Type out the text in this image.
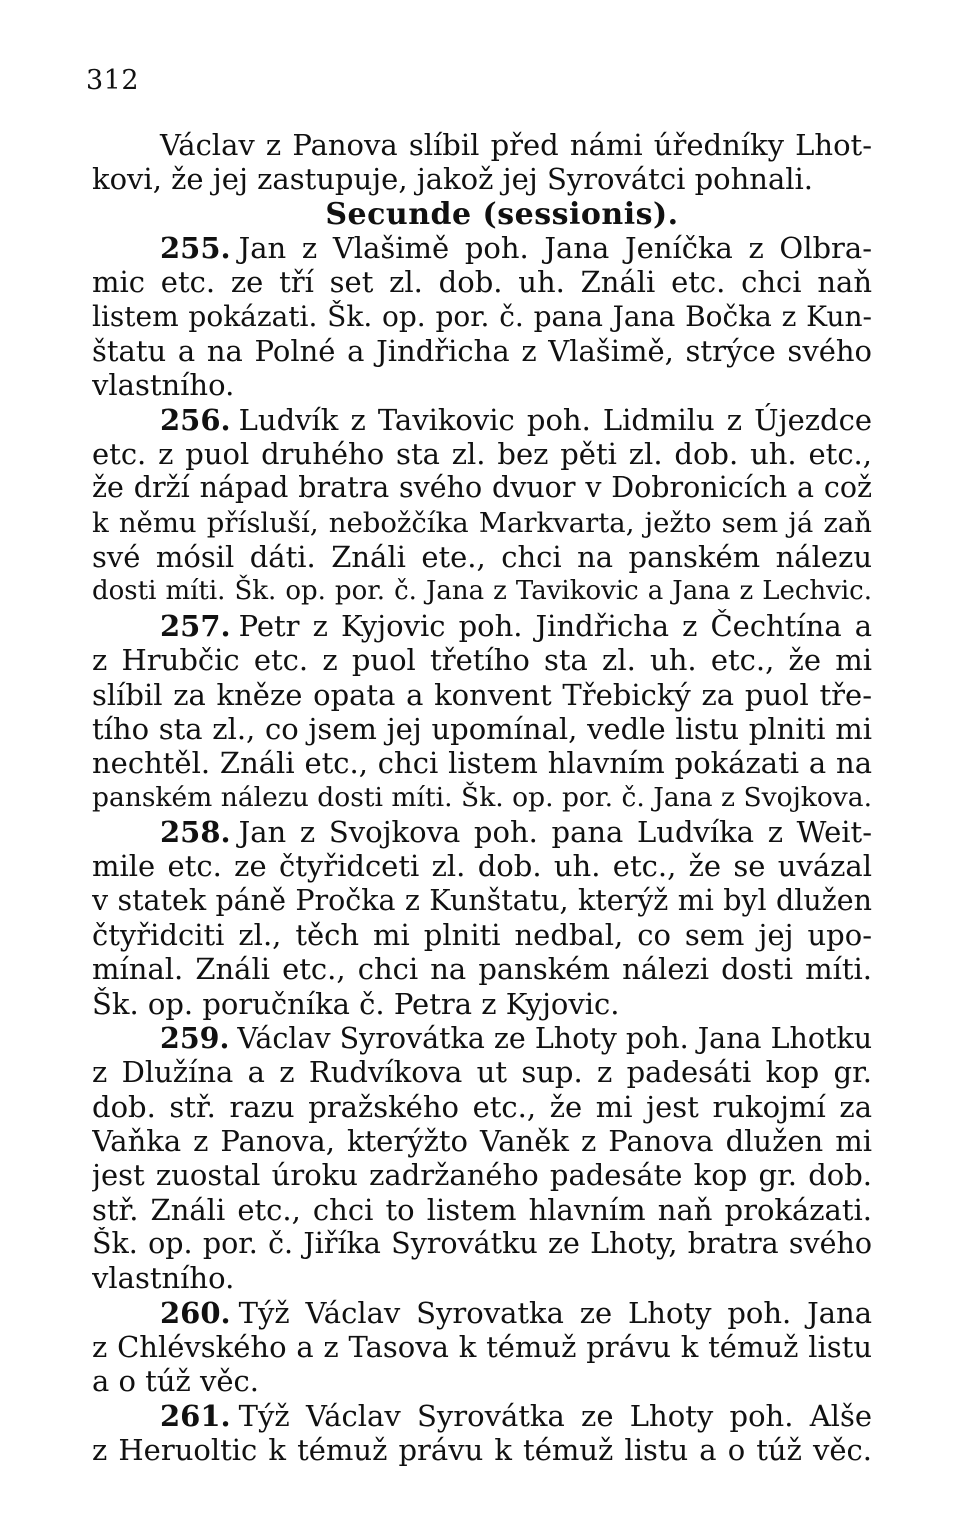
312
Václav z Panova slíbil před námi úředníky Lhot-
kovi, že jej zastupuje, jakož jej Syrovátci pohnali.
Secunde (sessionis).
255. Jan z Vlašimě poh. Jana Jeníčka z Olbra-
mic etc. ze tří set zl. dob. uh. Ználi etc. chci naň
listem pokázati. Šk. op. por. č. pana Jana Bočka z Kun-
štatu a na Polné a Jindřicha z Vlašimě, strýce svého
vlastního.
256. Ludvík z Tavikovic poh. Lidmilu z Újezdce
etc. z puol druhého sta zl. bez pěti zl. dob. uh. etc.,
že drží nápad bratra svého dvuor v Dobronicích a což
k němu přísluší, nebožčíka Markvarta, ježto sem já zaň
své mósil dáti. Ználi ete., chci na panském nálezu
dosti míti. Šk. op. por. č. Jana z Tavikovic a Jana z Lechvic.
257. Petr z Kyjovic poh. Jindřicha z Čechtína a
z Hrubčic etc. z puol třetího sta zl. uh. etc., že mi
slíbil za kněze opata a konvent Třebický za puol tře-
tího sta zl., co jsem jej upomínal, vedle listu plniti mi
nechtěl. Ználi etc., chci listem hlavním pokázati a na
panském nálezu dosti míti. Šk. op. por. č. Jana z Svojkova.
258. Jan z Svojkova poh. pana Ludvíka z Weit-
mile etc. ze čtyřidceti zl. dob. uh. etc., že se uvázal
v statek páně Pročka z Kunštatu, kterýž mi byl dlužen
čtyřidciti zl., těch mi plniti nedbal, co sem jej upo-
mínal. Ználi etc., chci na panském nálezi dosti míti.
Šk. op. poručníka č. Petra z Kyjovic.
259. Václav Syrovátka ze Lhoty poh. Jana Lhotku
z Dlužína a z Rudvíkova ut sup. z padesáti kop gr.
dob. stř. razu pražského etc., že mi jest rukojmí za
Vaňka z Panova, kterýžto Vaněk z Panova dlužen mi
jest zuostal úroku zadržaného padesáte kop gr. dob.
stř. Ználi etc., chci to listem hlavním naň prokázati.
Šk. op. por. č. Jiříka Syrovátku ze Lhoty, bratra svého
vlastního.
260. Týž Václav Syrovatka ze Lhoty poh. Jana
z Chlévského a z Tasova k témuž právu k témuž listu
a o túž věc.
261. Týž Václav Syrovátka ze Lhoty poh. Alše
z Heruoltic k témuž právu k témuž listu a o túž věc.
